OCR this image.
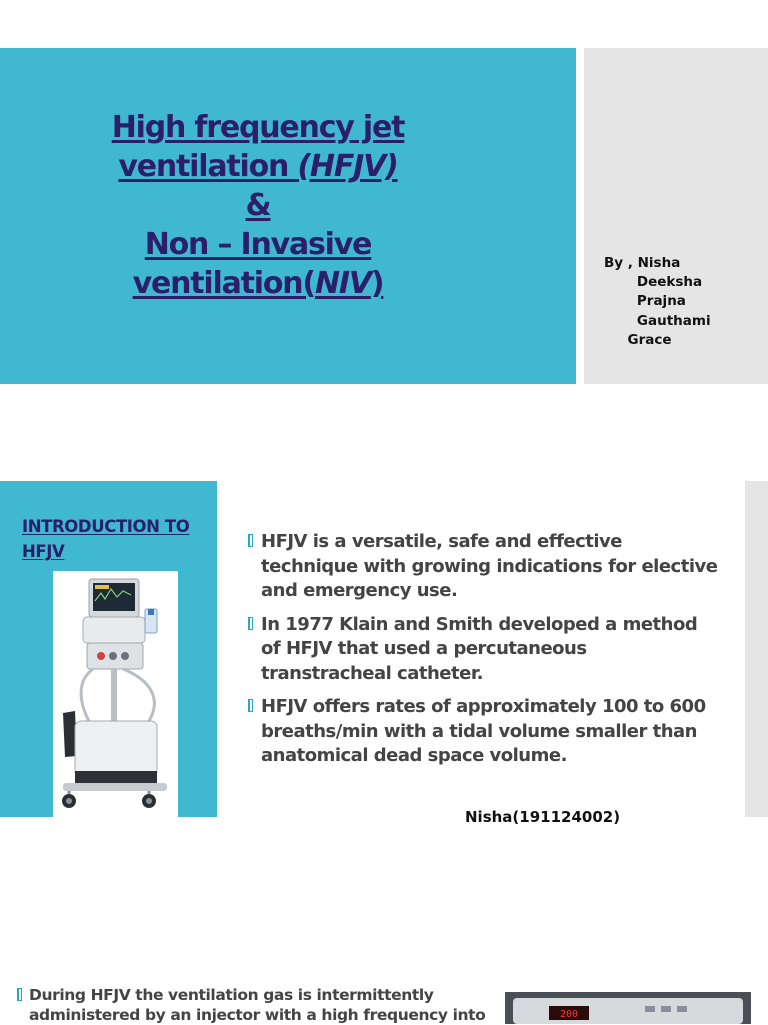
High frequency jet
ventilation (HFJV)
&
Non – Invasive
ventilation(NIV)
By , Nisha
Deeksha
Prajna
Gauthami
Grace
INTRODUCTION TO HFJV	HFJV is a versatile, safe and effective technique with growing indications for elective and emergency use.
In 1977 Klain and Smith developed a method of HFJV that used a percutaneous transtracheal catheter.
HFJV offers rates of approximately 100 to 600 breaths/min with a tidal volume smaller than anatomical dead space volume.
Nisha(191124002)
During HFJV the ventilation gas is intermittently
administered by an injector with a high frequency into	200
